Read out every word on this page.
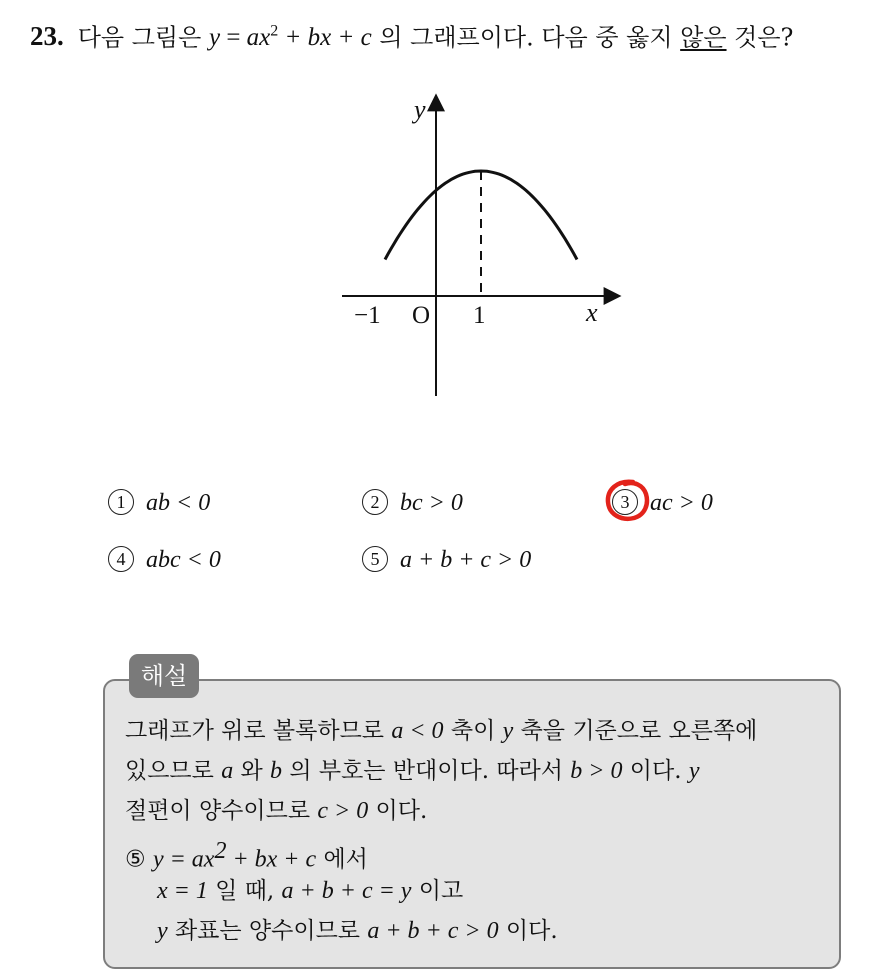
23. 다음 그림은 $y = ax^2$ + bx + c 의 그래프이다. 다음 중 옳지 않은 것은?
y
x
O
−1	1
1 ab < 0	2 bc > 0	3 ac > 0
4 abc < 0	5 a + b + c > 0
해설
그래프가 위로 볼록하므로 a < 0 축이 y 축을 기준으로 오른쪽에
있으므로 a 와 b 의 부호는 반대이다. 따라서 b > 0 이다. y
절편이 양수이므로 c > 0 이다.
⑤ $y = ax^2$ + bx + c 에서
x = 1 일 때, a + b + c = y 이고
y 좌표는 양수이므로 a + b + c > 0 이다.
